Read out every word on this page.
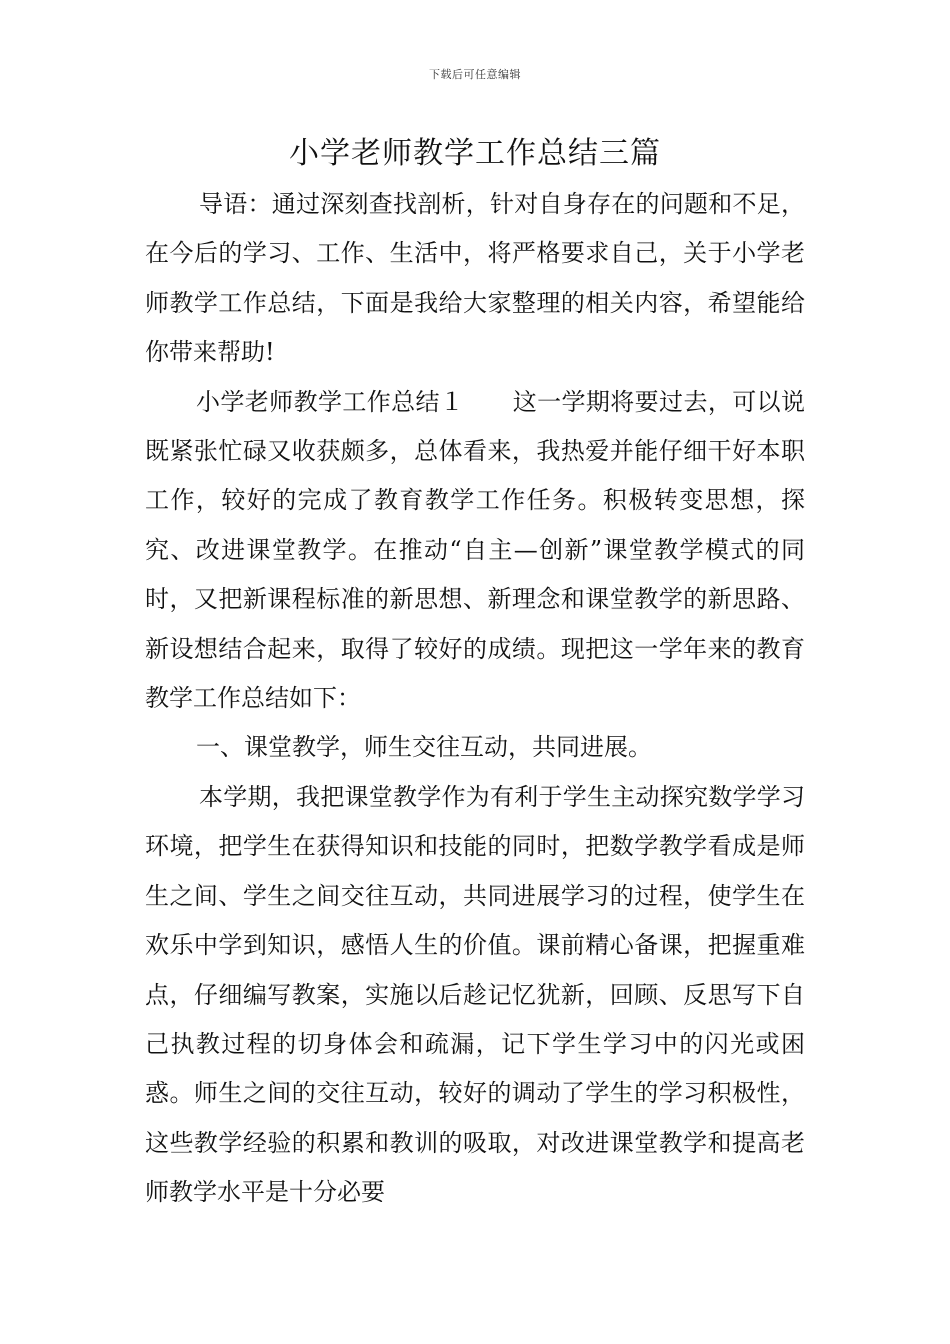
下载后可任意编辑
小学老师教学工作总结三篇

导语：通过深刻查找剖析，针对自身存在的问题和不足，在今后的学习、工作、生活中，将严格要求自己，关于小学老师教学工作总结，下面是我给大家整理的相关内容，希望能给你带来帮助!

小学老师教学工作总结１ 这一学期将要过去，可以说既紧张忙碌又收获颇多，总体看来，我热爱并能仔细干好本职工作，较好的完成了教育教学工作任务。积极转变思想，探究、改进课堂教学。在推动“自主—创新”课堂教学模式的同时，又把新课程标准的新思想、新理念和课堂教学的新思路、新设想结合起来，取得了较好的成绩。现把这一学年来的教育教学工作总结如下：

一、课堂教学，师生交往互动，共同进展。

本学期，我把课堂教学作为有利于学生主动探究数学学习环境，把学生在获得知识和技能的同时，把数学教学看成是师生之间、学生之间交往互动，共同进展学习的过程，使学生在欢乐中学到知识，感悟人生的价值。课前精心备课，把握重难点，仔细编写教案，实施以后趁记忆犹新，回顾、反思写下自己执教过程的切身体会和疏漏，记下学生学习中的闪光或困惑。师生之间的交往互动，较好的调动了学生的学习积极性，这些教学经验的积累和教训的吸取，对改进课堂教学和提高老师教学水平是十分必要
